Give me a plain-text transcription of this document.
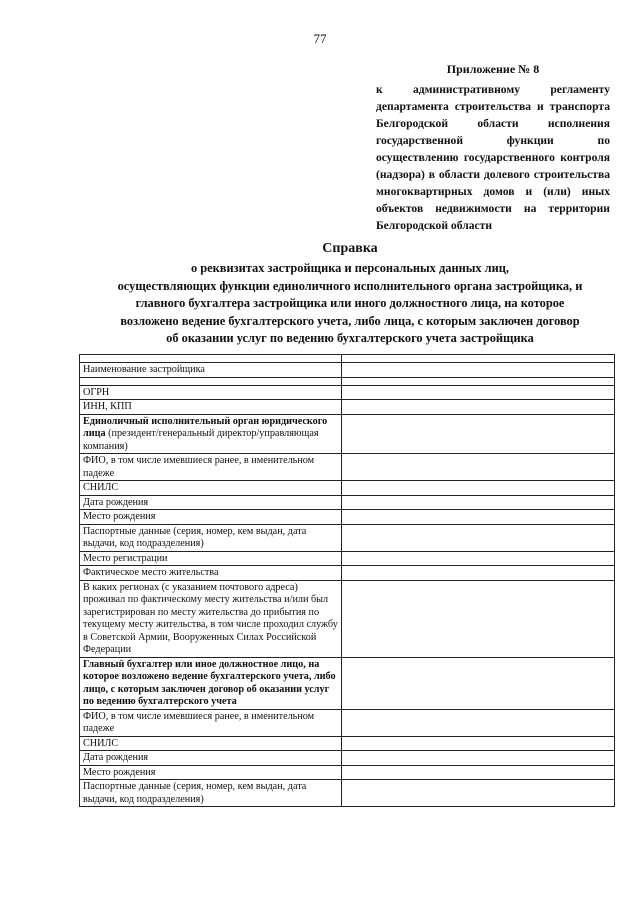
77
Приложение № 8
к административному регламенту департамента строительства и транспорта Белгородской области исполнения государственной функции по осуществлению государственного контроля (надзора) в области долевого строительства многоквартирных домов и (или) иных объектов недвижимости на территории Белгородской области
Справка
о реквизитах застройщика и персональных данных лиц,
осуществляющих функции единоличного исполнительного органа застройщика, и
главного бухгалтера застройщика или иного должностного лица, на которое
возложено ведение бухгалтерского учета, либо лица, с которым заключен договор
об оказании услуг по ведению бухгалтерского учета застройщика

Наименование застройщика	

ОГРН	
ИНН, КПП	
Единоличный исполнительный орган юридического лица (президент/генеральный директор/управляющая компания)	
ФИО, в том числе имевшиеся ранее, в именительном падеже	
СНИЛС	
Дата рождения	
Место рождения	
Паспортные данные (серия, номер, кем выдан, дата выдачи, код подразделения)	
Место регистрации	
Фактическое место жительства	
В каких регионах (с указанием почтового адреса) проживал по фактическому месту жительства и/или был зарегистрирован по месту жительства до прибытия по текущему месту жительства, в том числе проходил службу в Советской Армии, Вооруженных Силах Российской Федерации	
Главный бухгалтер или иное должностное лицо, на которое возложено ведение бухгалтерского учета, либо лицо, с которым заключен договор об оказании услуг по ведению бухгалтерского учета	
ФИО, в том числе имевшиеся ранее, в именительном падеже	
СНИЛС	
Дата рождения	
Место рождения	
Паспортные данные (серия, номер, кем выдан, дата выдачи, код подразделения)	
